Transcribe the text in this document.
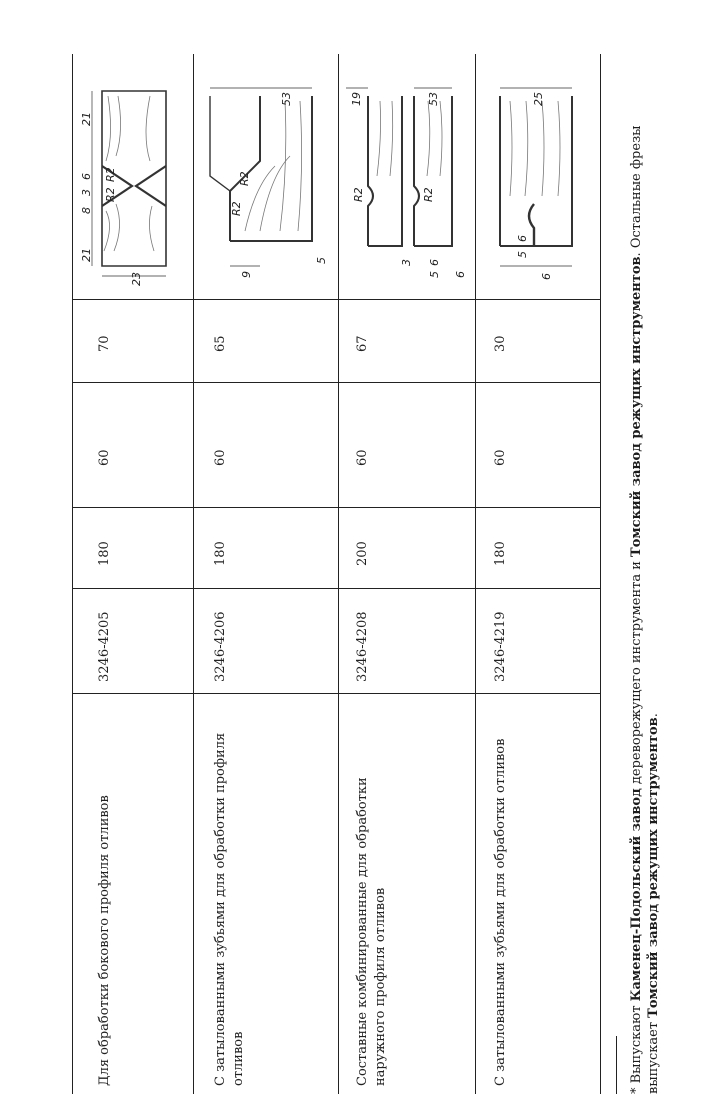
Для обработки бокового профиля отливов
3246-4205
180
60
70
С затылованными зубьями для обработки профиля отливов
3246-4206
180
60
65
Составные комбинированные для обработки наружного профиля отливов
3246-4208
200
60
67
С затылованными зубьями для обработки отливов
3246-4219
180
60
30
21
8
3
6
21
R2
R2
23	9
R2
R2
53
5
19
R2	R2
3
53
5
6
6
5
6
25
6
* Выпускают Каменец-Подольский завод дереворежущего инструмента и Томский завод режущих инструментов. Остальные фрезы выпускает Томский завод режущих инструментов.
